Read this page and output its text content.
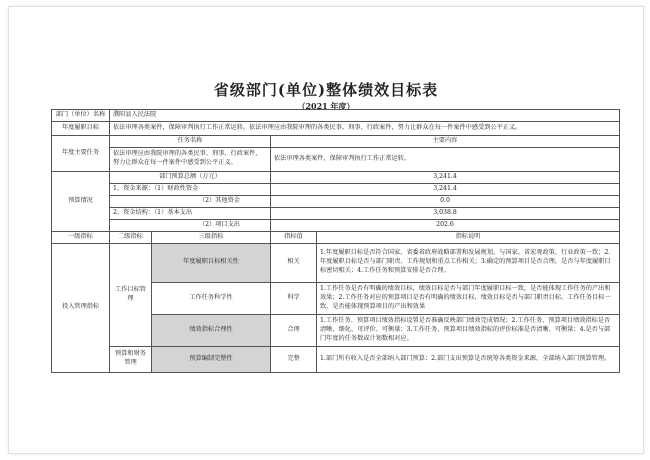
省级部门(单位)整体绩效目标表
（2021 年度）
部门（单位）名称	濮阳县人民法院			
年度履职目标	依法审理各类案件，保障审判执行工作正常运转。依法审理应由我院审理的各类民事、刑事、行政案件，努力让群众在每一件案件中感受到公平正义。			
年度主要任务	任务名称		主要内容	
	依法审理应由我院审理的各类民事、刑事、行政案件，努力让群众在每一件案件中感受到公平正义。		依法审理各类案件，保障审判执行工作正常运转。	
预算情况	部门预算总额（万元）		3,241.4	
	1、资金来源：（1）财政性资金		3,241.4	
	（2）其他资金		0.0	
	2、资金结构：（1）基本支出		3,038.8	
	（2）项目支出		202.6	
一级指标	二级指标	三级指标	指标值	指标说明
投入管理指标	工作目标管理	年度履职目标相关性	相关	1.年度履职目标是否符合国家、省委省政府战略部署和发展规划，与国家、省宏观政策、行业政策一致；2.年度履职目标是否与部门职责、工作规划和重点工作相关；3.确定的预算项目是否合理，是否与年度履职目标密切相关；4.工作任务和预算安排是否合理。
		工作任务科学性	科学	1.工作任务是否有明确的绩效目标，绩效目标是否与部门年度履职目标一致，是否能体现工作任务的产出和效果；2.工作任务对应的预算项目是否有明确的绩效目标，绩效目标是否与部门职责目标、工作任务目标一致，是否能体现预算项目的产出和效果
		绩效指标合理性	合理	1.工作任务、预算项目绩效指标设置是否准确反映部门绩效完成情况；2.工作任务、预算项目绩效指标是否清晰、细化、可评价、可衡量；3.工作任务、预算项目绩效指标的评价标准是否清晰、可衡量；4.是否与部门年度的任务数或计划数相对应。
	预算和财务管理	预算编制完整性	完整	1.部门所有收入是否全部纳入部门预算；2.部门支出预算是否统筹各类资金来源，全部纳入部门预算管理。
